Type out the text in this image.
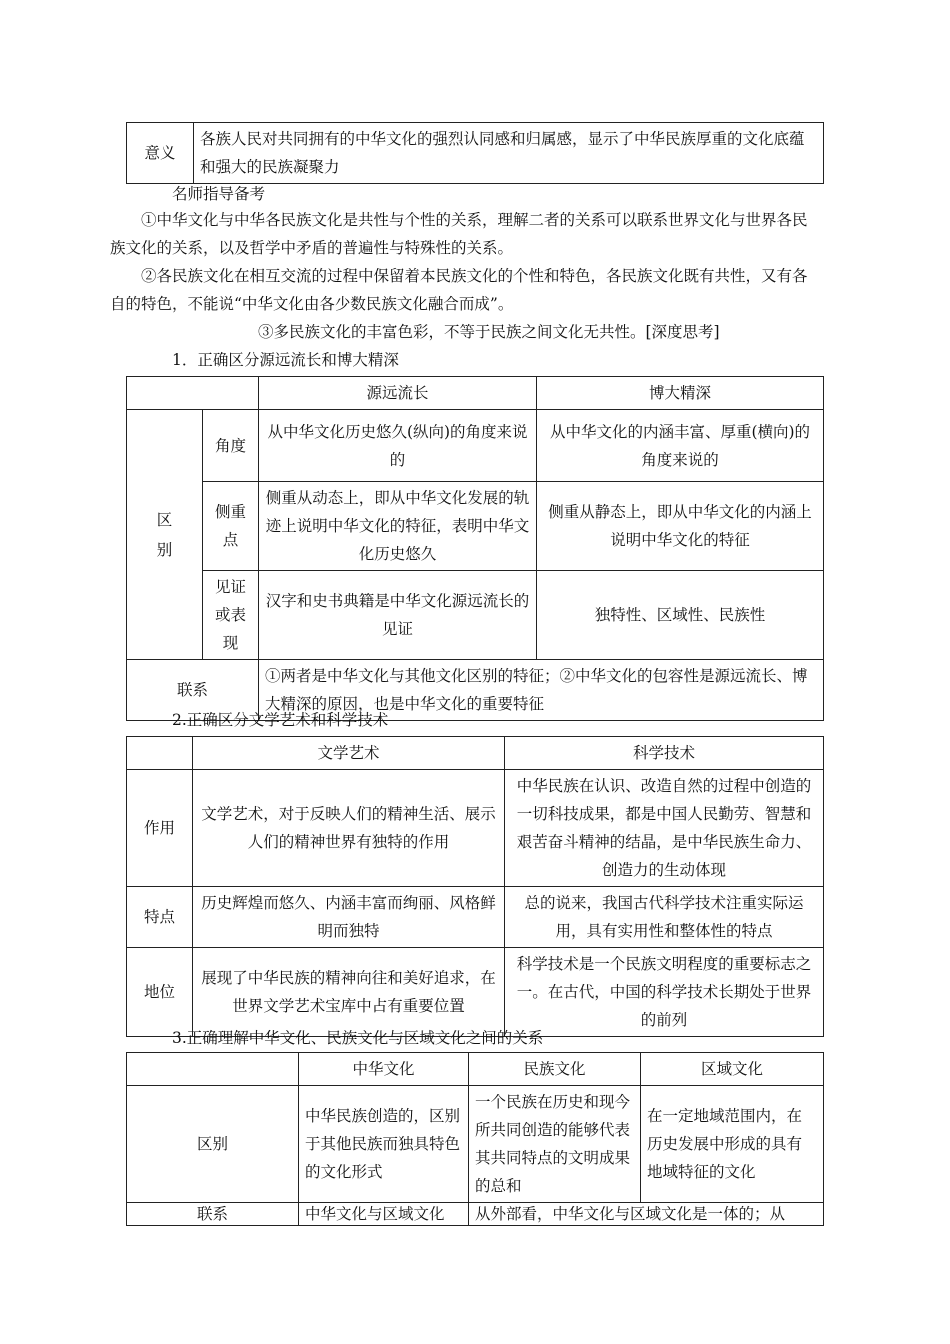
意义	各族人民对共同拥有的中华文化的强烈认同感和归属感，显示了中华民族厚重的文化底蕴和强大的民族凝聚力
名师指导备考
①中华文化与中华各民族文化是共性与个性的关系，理解二者的关系可以联系世界文化与世界各民族文化的关系，以及哲学中矛盾的普遍性与特殊性的关系。
②各民族文化在相互交流的过程中保留着本民族文化的个性和特色，各民族文化既有共性，又有各自的特色，不能说“中华文化由各少数民族文化融合而成”。
③多民族文化的丰富色彩，不等于民族之间文化无共性。[深度思考]
1．正确区分源远流长和博大精深
		源远流长	博大精深
区别	角度	从中华文化历史悠久(纵向)的角度来说的	从中华文化的内涵丰富、厚重(横向)的角度来说的
	侧重点	侧重从动态上，即从中华文化发展的轨迹上说明中华文化的特征，表明中华文化历史悠久	侧重从静态上，即从中华文化的内涵上说明中华文化的特征
	见证或表现	汉字和史书典籍是中华文化源远流长的见证	独特性、区域性、民族性
联系		①两者是中华文化与其他文化区别的特征；②中华文化的包容性是源远流长、博大精深的原因，也是中华文化的重要特征	
2.正确区分文学艺术和科学技术
	文学艺术	科学技术
作用	文学艺术，对于反映人们的精神生活、展示人们的精神世界有独特的作用	中华民族在认识、改造自然的过程中创造的一切科技成果，都是中国人民勤劳、智慧和艰苦奋斗精神的结晶，是中华民族生命力、创造力的生动体现
特点	历史辉煌而悠久、内涵丰富而绚丽、风格鲜明而独特	总的说来，我国古代科学技术注重实际运用，具有实用性和整体性的特点
地位	展现了中华民族的精神向往和美好追求，在世界文学艺术宝库中占有重要位置	科学技术是一个民族文明程度的重要标志之一。在古代，中国的科学技术长期处于世界的前列
3.正确理解中华文化、民族文化与区域文化之间的关系
	中华文化	民族文化	区域文化
区别	中华民族创造的，区别于其他民族而独具特色的文化形式	一个民族在历史和现今所共同创造的能够代表其共同特点的文明成果的总和	在一定地域范围内，在历史发展中形成的具有地域特征的文化
联系	中华文化与区域文化	从外部看，中华文化与区域文化是一体的；从	
